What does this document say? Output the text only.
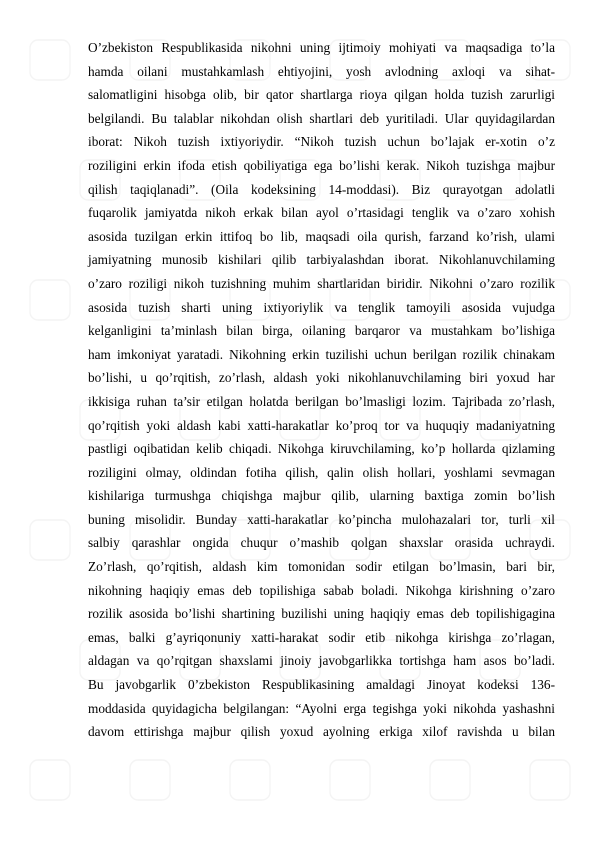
O’zbekiston Respublikasida nikohni uning ijtimoiy mohiyati va maqsadiga to’la
hamda oilani mustahkamlash ehtiyojini, yosh avlodning axloqi va sihat-
salomatligini hisobga olib, bir qator shartlarga rioya qilgan holda tuzish zarurligi
belgilandi. Bu talablar nikohdan olish shartlari deb yuritiladi. Ular quyidagilardan
iborat: Nikoh tuzish ixtiyoriydir. “Nikoh tuzish uchun bo’lajak er-xotin o’z
roziligini erkin ifoda etish qobiliyatiga ega bo’lishi kerak. Nikoh tuzishga majbur
qilish taqiqlanadi”. (Oila kodeksining 14-moddasi). Biz qurayotgan adolatli
fuqarolik jamiyatda nikoh erkak bilan ayol o’rtasidagi tenglik va o’zaro xohish
asosida tuzilgan erkin ittifoq bo lib, maqsadi oila qurish, farzand ko’rish, ulami
jamiyatning munosib kishilari qilib tarbiyalashdan iborat. Nikohlanuvchilaming
o’zaro roziligi nikoh tuzishning muhim shartlaridan biridir. Nikohni o’zaro rozilik
asosida tuzish sharti uning ixtiyoriylik va tenglik tamoyili asosida vujudga
kelganligini ta’minlash bilan birga, oilaning barqaror va mustahkam bo’lishiga
ham imkoniyat yaratadi. Nikohning erkin tuzilishi uchun berilgan rozilik chinakam
bo’lishi, u qo’rqitish, zo’rlash, aldash yoki nikohlanuvchilaming biri yoxud har
ikkisiga ruhan ta’sir etilgan holatda berilgan bo’lmasligi lozim. Tajribada zo’rlash,
qo’rqitish yoki aldash kabi xatti-harakatlar ko’proq tor va huquqiy madaniyatning
pastligi oqibatidan kelib chiqadi. Nikohga kiruvchilaming, ko’p hollarda qizlaming
roziligini olmay, oldindan fotiha qilish, qalin olish hollari, yoshlami sevmagan
kishilariga turmushga chiqishga majbur qilib, ularning baxtiga zomin bo’lish
buning misolidir. Bunday xatti-harakatlar ko’pincha mulohazalari tor, turli xil
salbiy qarashlar ongida chuqur o’mashib qolgan shaxslar orasida uchraydi.
Zo’rlash, qo’rqitish, aldash kim tomonidan sodir etilgan bo’lmasin, bari bir,
nikohning haqiqiy emas deb topilishiga sabab boladi. Nikohga kirishning o’zaro
rozilik asosida bo’lishi shartining buzilishi uning haqiqiy emas deb topilishigagina
emas, balki g’ayriqonuniy xatti-harakat sodir etib nikohga kirishga zo’rlagan,
aldagan va qo’rqitgan shaxslami jinoiy javobgarlikka tortishga ham asos bo’ladi.
Bu javobgarlik 0’zbekiston Respublikasining amaldagi Jinoyat kodeksi 136-
moddasida quyidagicha belgilangan: “Ayolni erga tegishga yoki nikohda yashashni
davom ettirishga majbur qilish yoxud ayolning erkiga xilof ravishda u bilan
